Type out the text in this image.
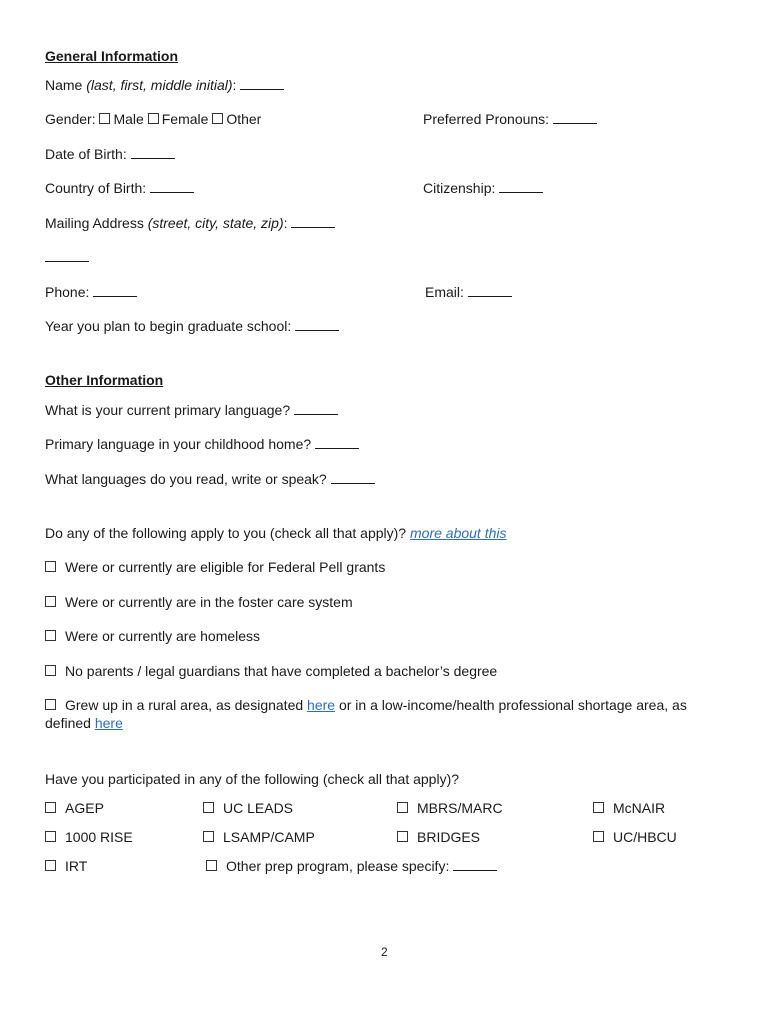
General Information
Name (last, first, middle initial):
Gender: Male Female Other	Preferred Pronouns:
Date of Birth:
Country of Birth:	Citizenship:
Mailing Address (street, city, state, zip):
Phone:	Email:
Year you plan to begin graduate school:
Other Information
What is your current primary language?
Primary language in your childhood home?
What languages do you read, write or speak?
Do any of the following apply to you (check all that apply)? more about this
Were or currently are eligible for Federal Pell grants
Were or currently are in the foster care system
Were or currently are homeless
No parents / legal guardians that have completed a bachelor’s degree
Grew up in a rural area, as designated here or in a low-income/health professional shortage area, as defined here
Have you participated in any of the following (check all that apply)?
AGEP	UC LEADS	MBRS/MARC	McNAIR
1000 RISE	LSAMP/CAMP	BRIDGES	UC/HBCU
IRT	Other prep program, please specify:
2
